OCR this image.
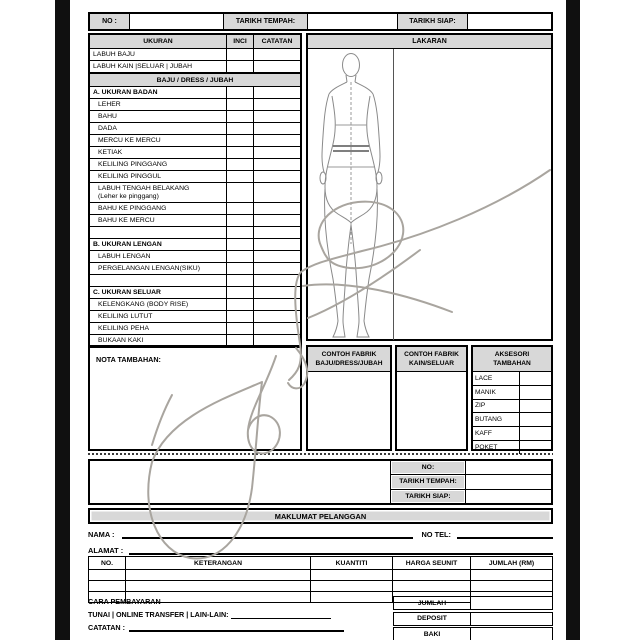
NO :	TARIKH TEMPAH:	TARIKH SIAP:
UKURAN	INCI	CATATAN
LABUH BAJU
LABUH KAIN |SELUAR | JUBAH
BAJU / DRESS / JUBAH
A. UKURAN BADAN
LEHER
BAHU
DADA
MERCU KE MERCU
KETIAK
KELILING PINGGANG
KELILING PINGGUL
LABUH TENGAH BELAKANG
(Leher ke pinggang)
BAHU KE PINGGANG
BAHU KE MERCU
B. UKURAN LENGAN
LABUH LENGAN
PERGELANGAN LENGAN(SIKU)
C. UKURAN SELUAR
KELENGKANG (BODY RISE)
KELILING LUTUT
KELILING PEHA
BUKAAN KAKI
LAKARAN
NOTA TAMBAHAN:
CONTOH FABRIK
BAJU/DRESS/JUBAH
CONTOH FABRIK
KAIN/SELUAR
AKSESORI
TAMBAHAN
LACE
MANIK
ZIP
BUTANG
KAFF
POKET
NO:
TARIKH TEMPAH:
TARIKH SIAP:
MAKLUMAT PELANGGAN
NAMA :	NO TEL:
ALAMAT :
NO.	KETERANGAN	KUANTITI	HARGA SEUNIT	JUMLAH (RM)

CARA PEMBAYARAN
TUNAI | ONLINE TRANSFER | LAIN-LAIN:
CATATAN :
JUMLAH
DEPOSIT
BAKI
